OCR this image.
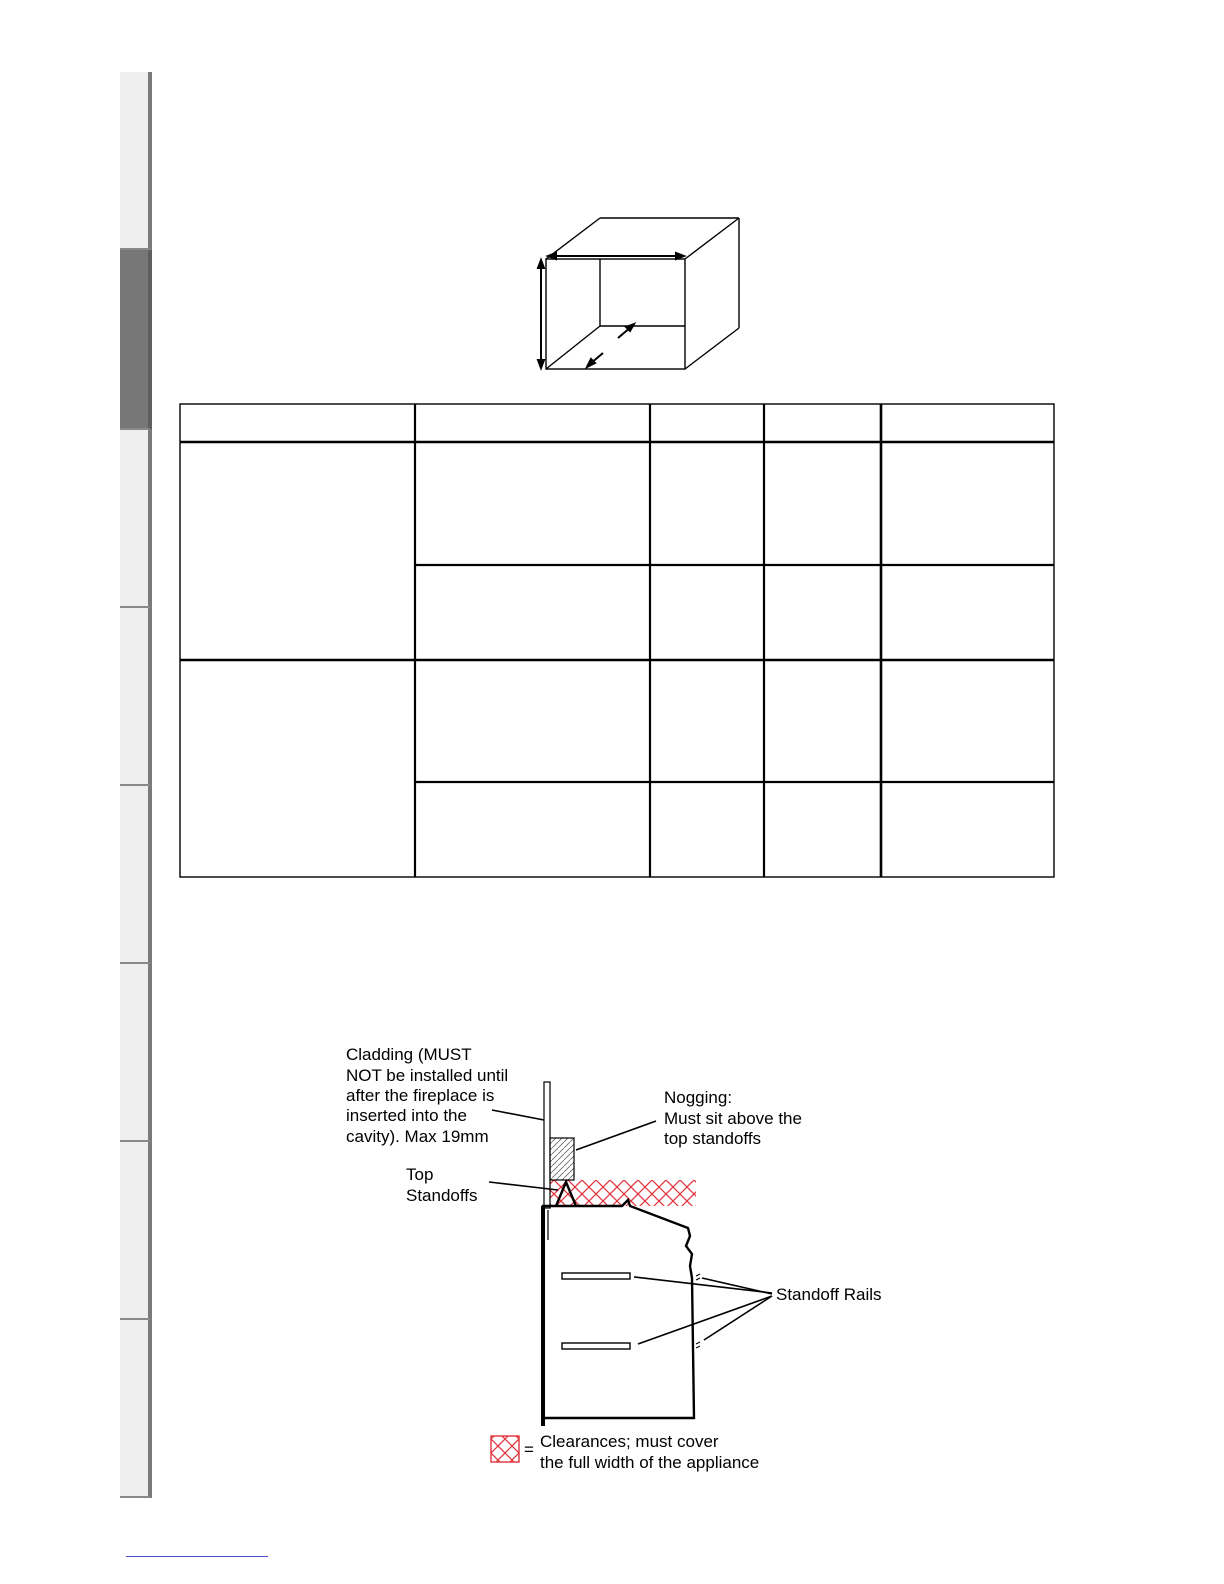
Cladding (MUST
NOT be installed until
after the fireplace is
inserted into the
cavity). Max 19mm
Nogging:
Must sit above the
top standoffs
Top
Standoffs
Standoff Rails
= Clearances; must cover
the full width of the appliance
